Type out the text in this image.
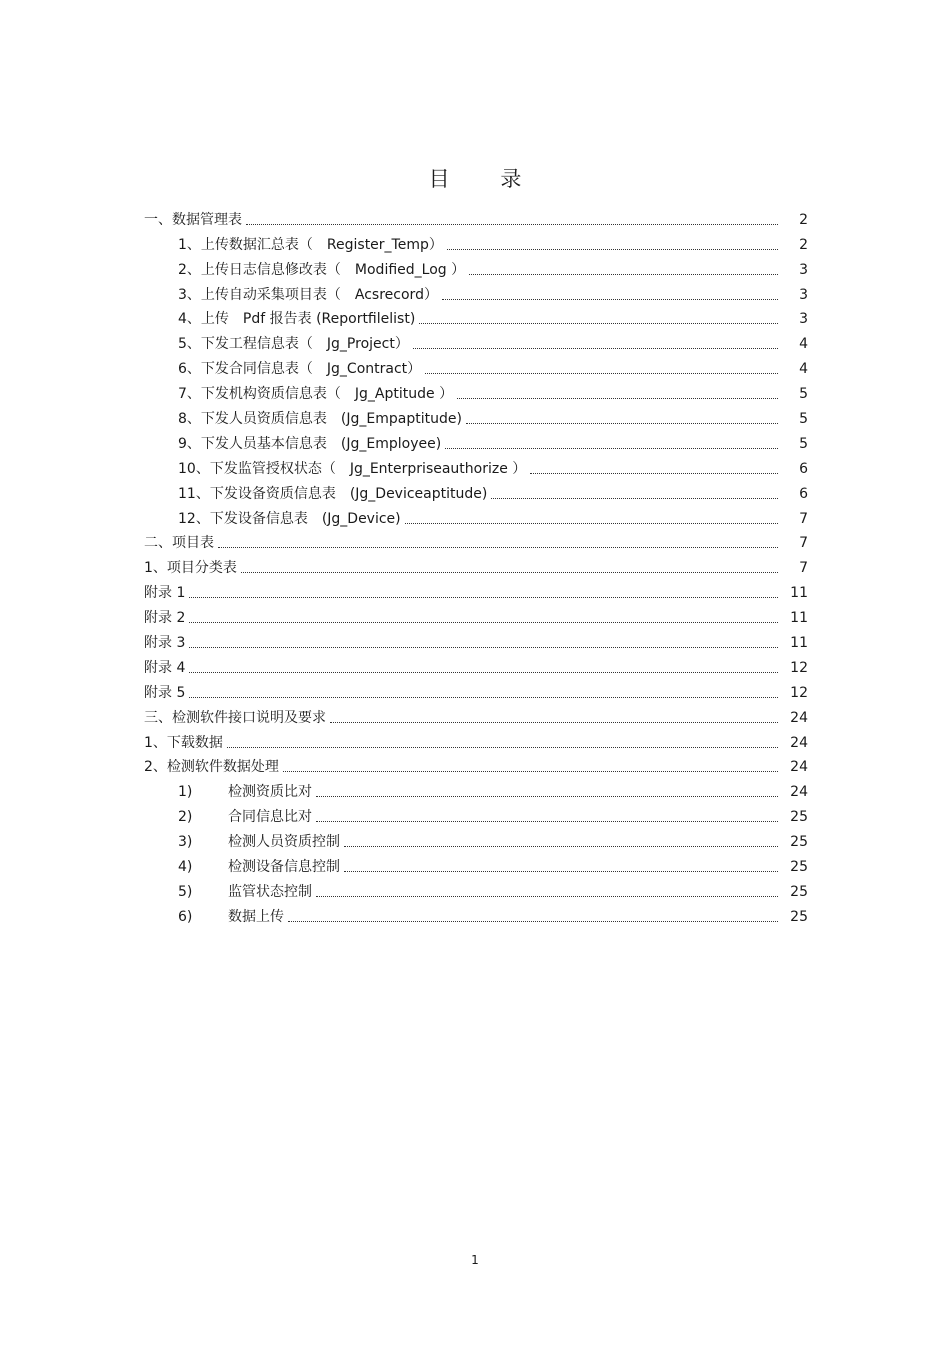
目 录
一、数据管理表	2
1、上传数据汇总表（　Register_Temp）	2
2、上传日志信息修改表（　Modified_Log ）	3
3、上传自动采集项目表（　Acsrecord）	3
4、上传　Pdf 报告表 (Reportfilelist)	3
5、下发工程信息表（　Jg_Project）	4
6、下发合同信息表（　Jg_Contract）	4
7、下发机构资质信息表（　Jg_Aptitude ）	5
8、下发人员资质信息表　(Jg_Empaptitude)	5
9、下发人员基本信息表　(Jg_Employee)	5
10、下发监管授权状态（　Jg_Enterpriseauthorize ）	6
11、下发设备资质信息表　(Jg_Deviceaptitude)	6
12、下发设备信息表　(Jg_Device)	7
二、项目表	7
1、项目分类表	7
附录 1	11
附录 2	11
附录 3	11
附录 4	12
附录 5	12
三、检测软件接口说明及要求	24
1、下载数据	24
2、检测软件数据处理	24
1)	检测资质比对	24
2)	合同信息比对	25
3)	检测人员资质控制	25
4)	检测设备信息控制	25
5)	监管状态控制	25
6)	数据上传	25
1
